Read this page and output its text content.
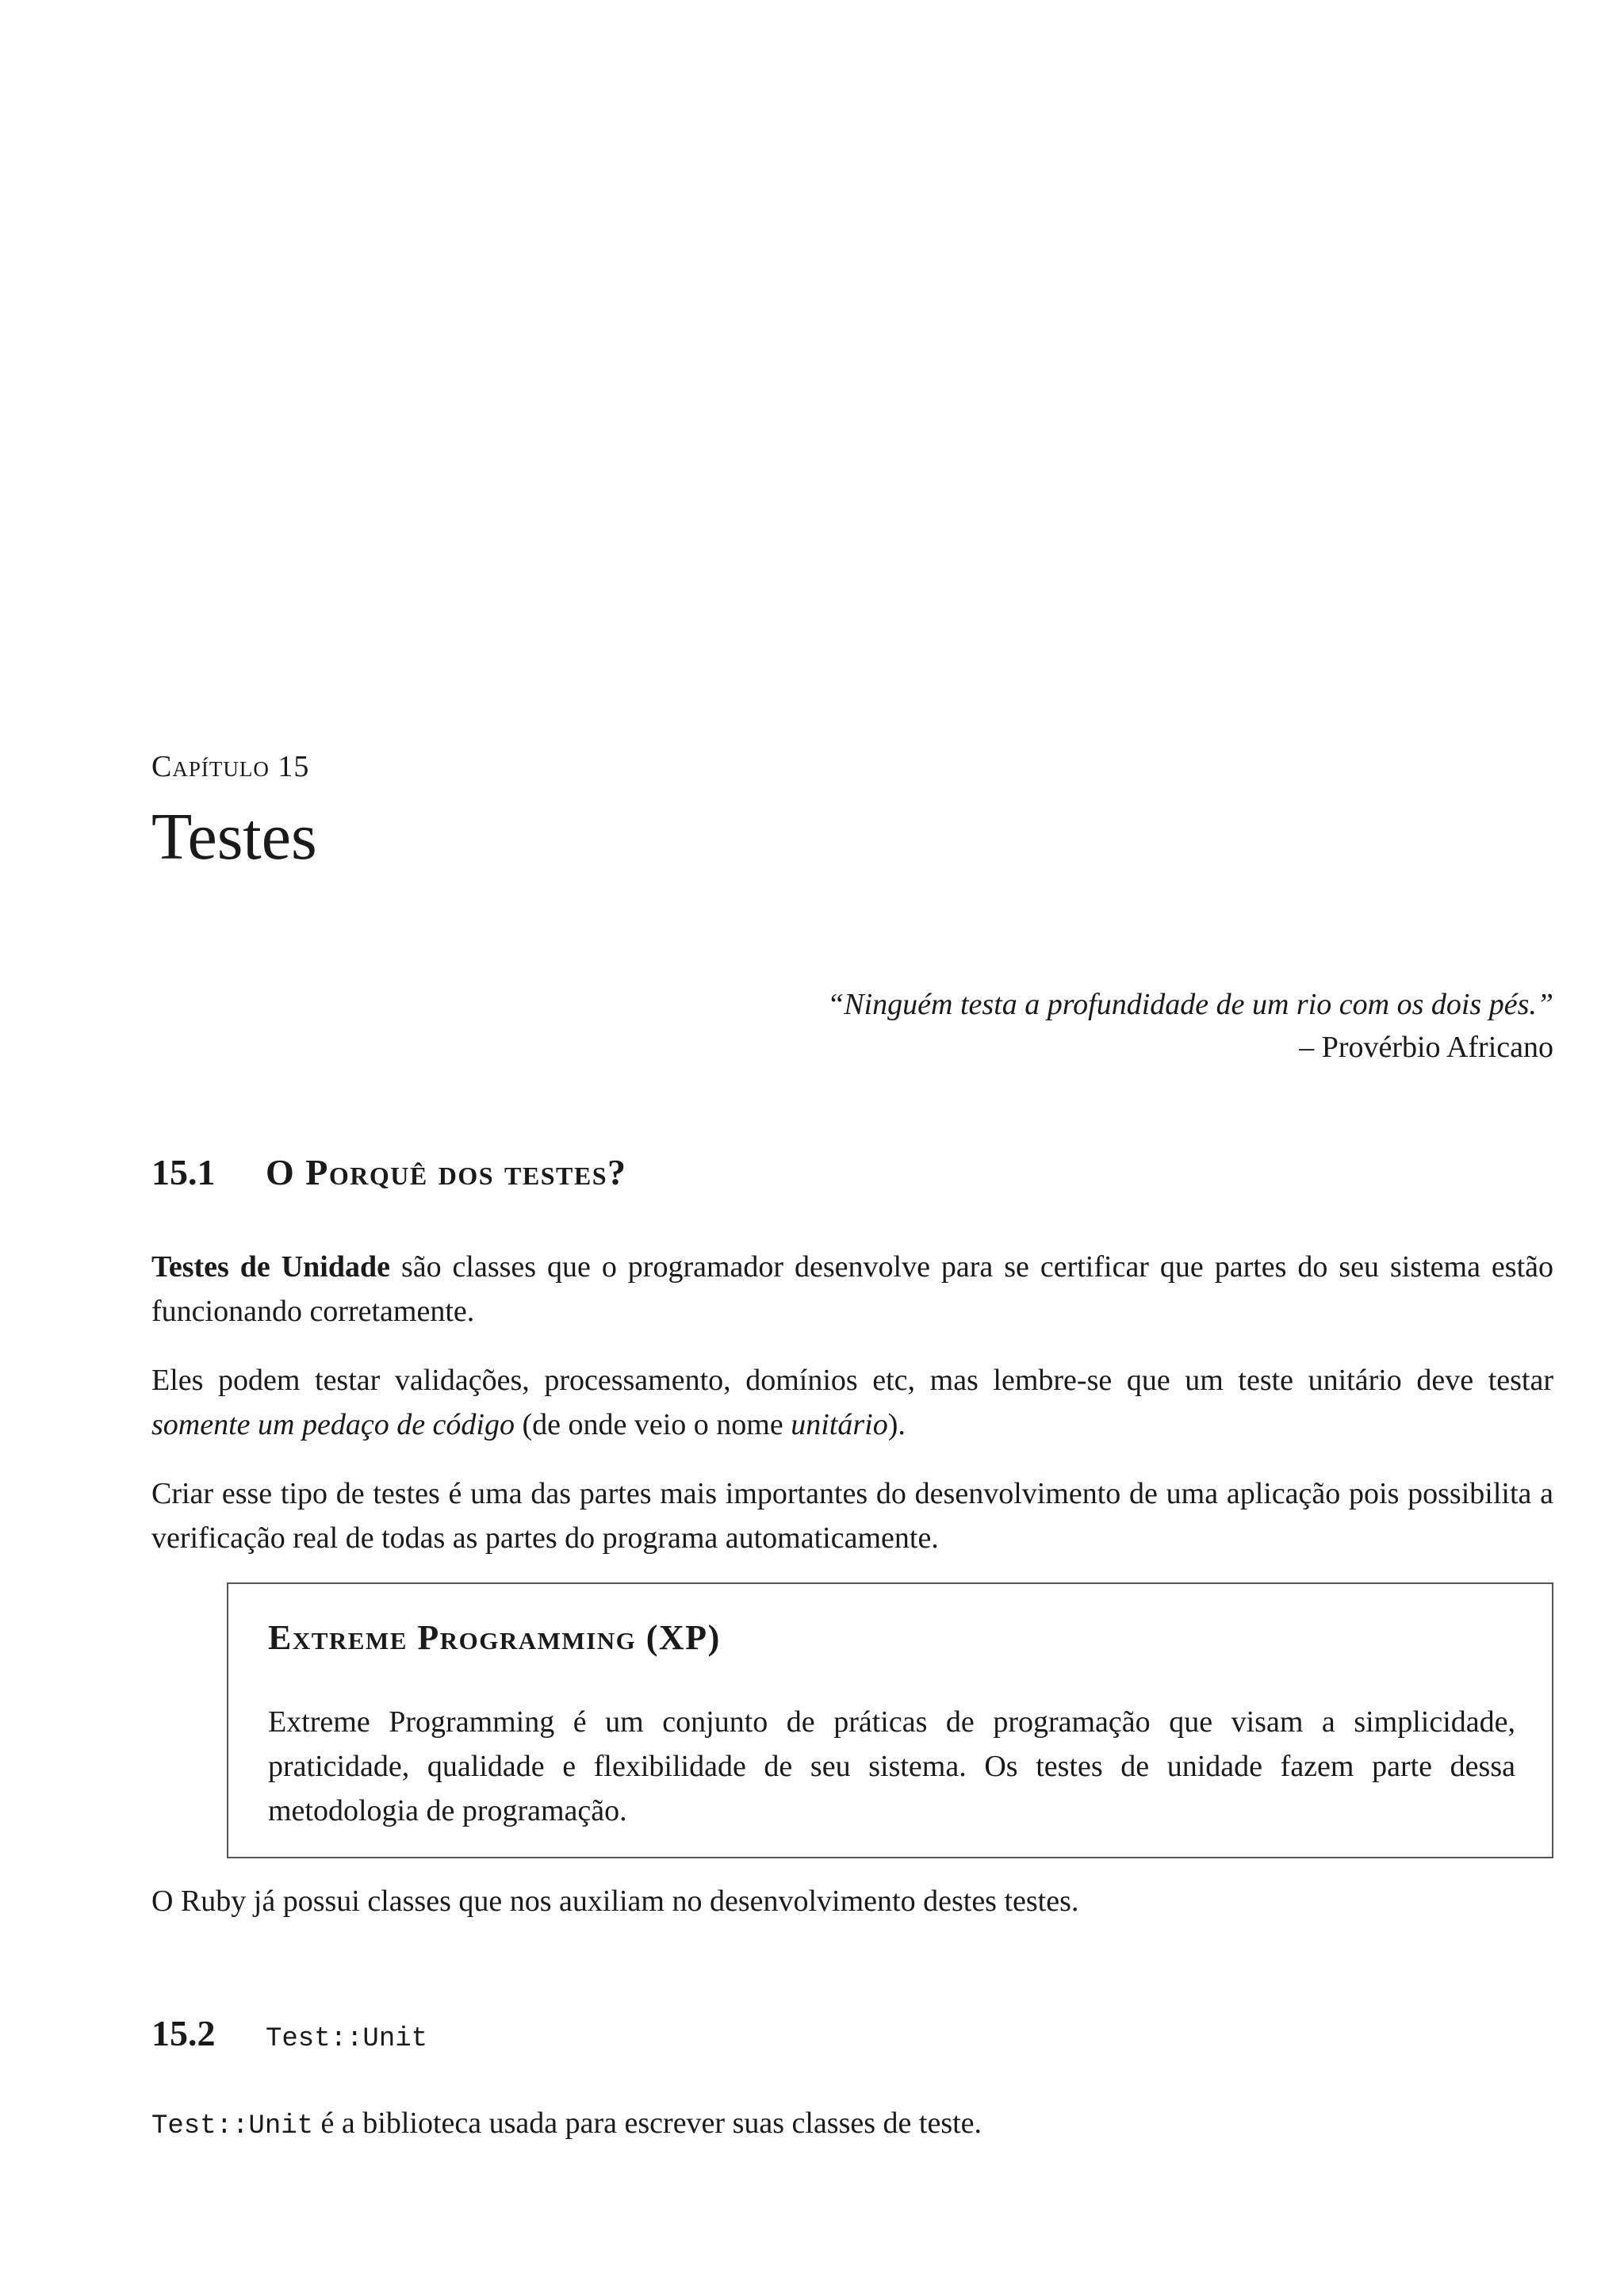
Capítulo 15
Testes
“Ninguém testa a profundidade de um rio com os dois pés.”
– Provérbio Africano
15.1	O Porquê dos testes?

Testes de Unidade são classes que o programador desenvolve para se certificar que partes do seu sistema estão funcionando corretamente.

Eles podem testar validações, processamento, domínios etc, mas lembre-se que um teste unitário deve testar somente um pedaço de código (de onde veio o nome unitário).

Criar esse tipo de testes é uma das partes mais importantes do desenvolvimento de uma aplicação pois possibilita a verificação real de todas as partes do programa automaticamente.

Extreme Programming (XP)

Extreme Programming é um conjunto de práticas de programação que visam a simplicidade, praticidade, qualidade e flexibilidade de seu sistema. Os testes de unidade fazem parte dessa metodologia de programação.

O Ruby já possui classes que nos auxiliam no desenvolvimento destes testes.

15.2	Test::Unit

Test::Unit é a biblioteca usada para escrever suas classes de teste.
